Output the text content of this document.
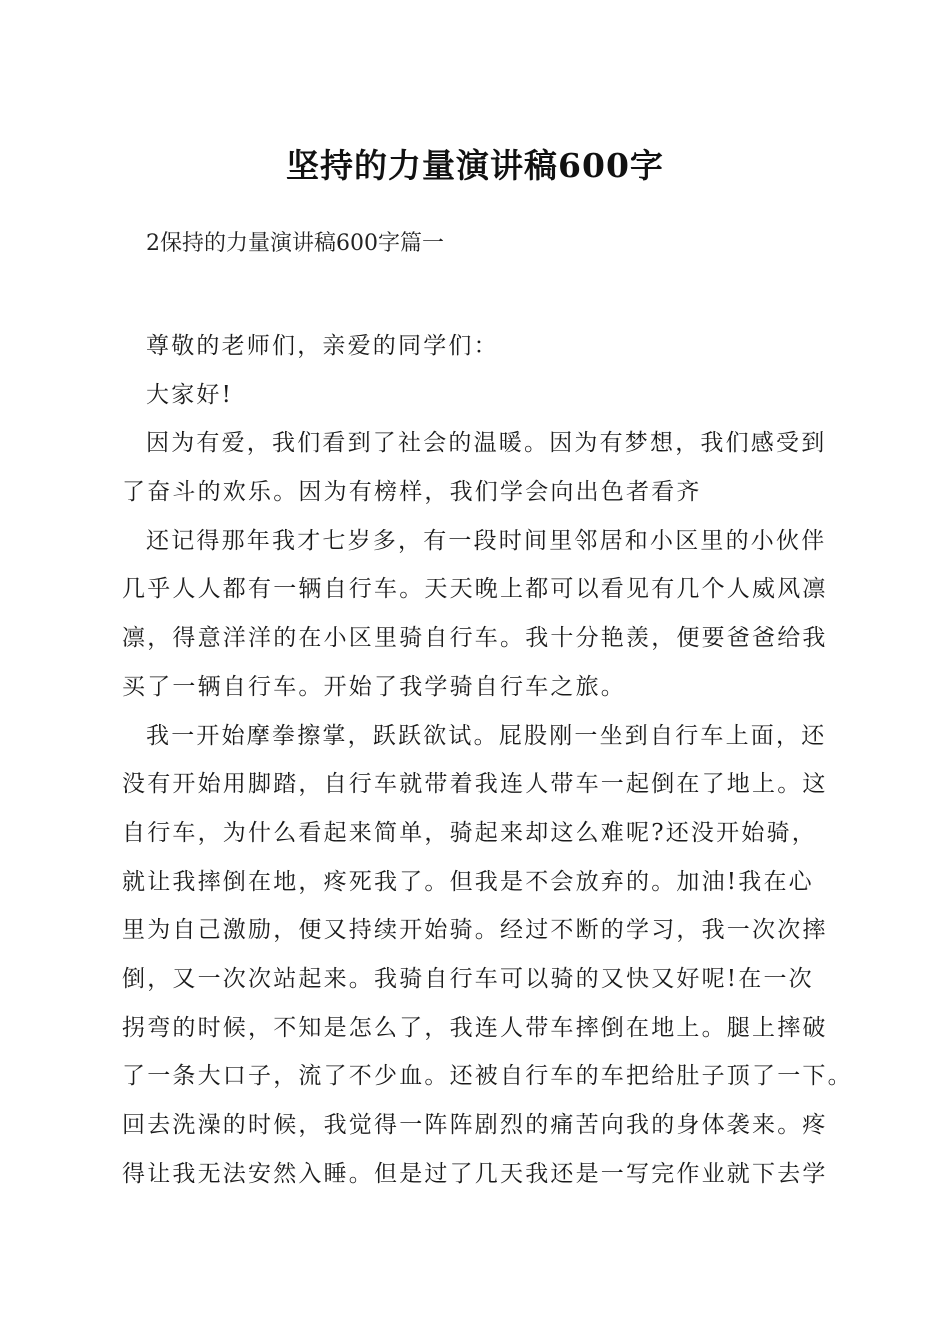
坚持的力量演讲稿600字
2保持的力量演讲稿600字篇一
尊敬的老师们，亲爱的同学们：
大家好!
因为有爱，我们看到了社会的温暖。因为有梦想，我们感受到
了奋斗的欢乐。因为有榜样，我们学会向出色者看齐
还记得那年我才七岁多，有一段时间里邻居和小区里的小伙伴
几乎人人都有一辆自行车。天天晚上都可以看见有几个人威风凛
凛，得意洋洋的在小区里骑自行车。我十分艳羡，便要爸爸给我
买了一辆自行车。开始了我学骑自行车之旅。
我一开始摩拳擦掌，跃跃欲试。屁股刚一坐到自行车上面，还
没有开始用脚踏，自行车就带着我连人带车一起倒在了地上。这
自行车，为什么看起来简单，骑起来却这么难呢?还没开始骑，
就让我摔倒在地，疼死我了。但我是不会放弃的。加油!我在心
里为自己激励，便又持续开始骑。经过不断的学习，我一次次摔
倒，又一次次站起来。我骑自行车可以骑的又快又好呢!在一次
拐弯的时候，不知是怎么了，我连人带车摔倒在地上。腿上摔破
了一条大口子，流了不少血。还被自行车的车把给肚子顶了一下。
回去洗澡的时候，我觉得一阵阵剧烈的痛苦向我的身体袭来。疼
得让我无法安然入睡。但是过了几天我还是一写完作业就下去学
